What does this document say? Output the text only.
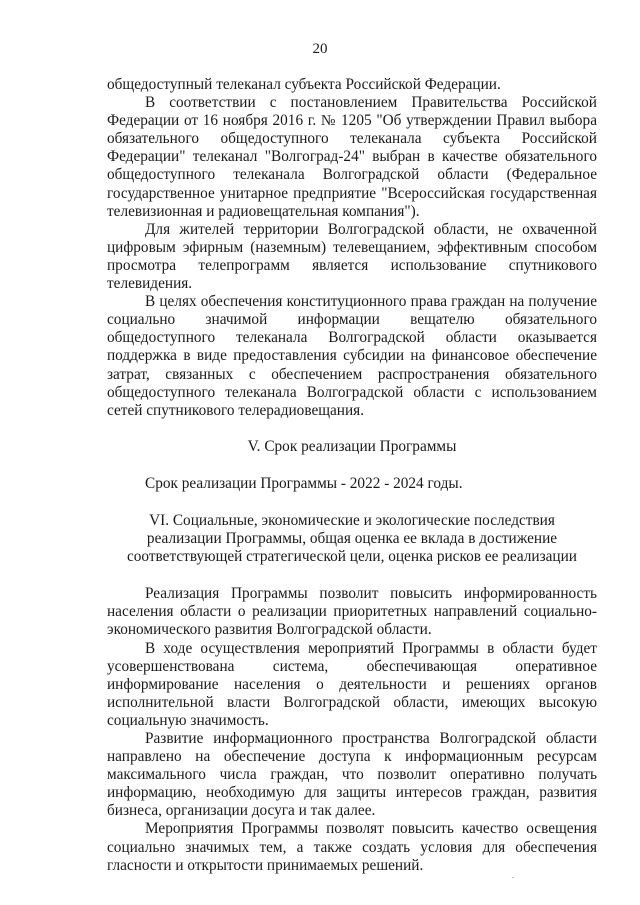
20

общедоступный телеканал субъекта Российской Федерации.

В соответствии с постановлением Правительства Российской Федерации от 16 ноября 2016 г. № 1205 "Об утверждении Правил выбора обязательного общедоступного телеканала субъекта Российской Федерации" телеканал "Волгоград-24" выбран в качестве обязательного общедоступного телеканала Волгоградской области (Федеральное государственное унитарное предприятие "Всероссийская государственная телевизионная и радиовещательная компания").

Для жителей территории Волгоградской области, не охваченной цифровым эфирным (наземным) телевещанием, эффективным способом просмотра телепрограмм является использование спутникового телевидения.

В целях обеспечения конституционного права граждан на получение социально значимой информации вещателю обязательного общедоступного телеканала Волгоградской области оказывается поддержка в виде предоставления субсидии на финансовое обеспечение затрат, связанных с обеспечением распространения обязательного общедоступного телеканала Волгоградской области с использованием сетей спутникового телерадиовещания.

V. Срок реализации Программы

Срок реализации Программы - 2022 - 2024 годы.

VI. Социальные, экономические и экологические последствия
реализации Программы, общая оценка ее вклада в достижение
соответствующей стратегической цели, оценка рисков ее реализации

Реализация Программы позволит повысить информированность населения области о реализации приоритетных направлений социально-экономического развития Волгоградской области.

В ходе осуществления мероприятий Программы в области будет усовершенствована система, обеспечивающая оперативное информирование населения о деятельности и решениях органов исполнительной власти Волгоградской области, имеющих высокую социальную значимость.

Развитие информационного пространства Волгоградской области направлено на обеспечение доступа к информационным ресурсам максимального числа граждан, что позволит оперативно получать информацию, необходимую для защиты интересов граждан, развития бизнеса, организации досуга и так далее.

Мероприятия Программы позволят повысить качество освещения социально значимых тем, а также создать условия для обеспечения гласности и открытости принимаемых решений.
